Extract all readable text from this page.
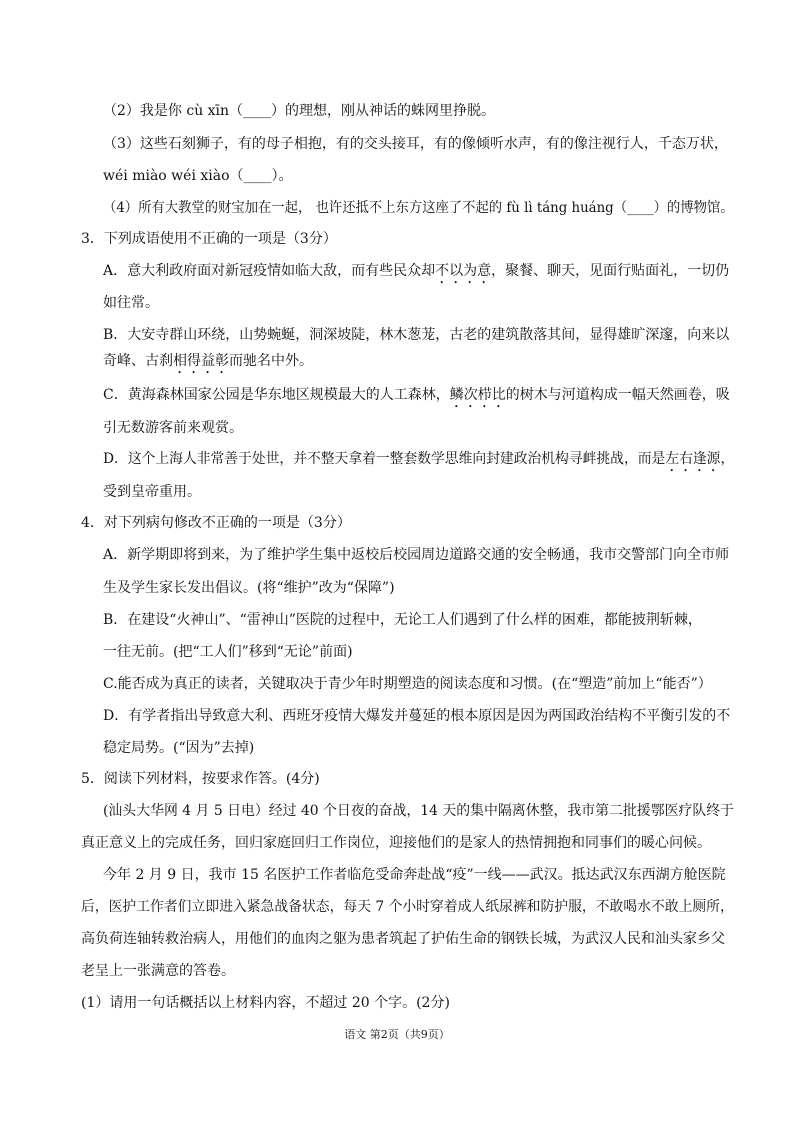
（2）我是你 cù xīn（____）的理想，刚从神话的蛛网里挣脱。
（3）这些石刻狮子，有的母子相抱，有的交头接耳，有的像倾听水声，有的像注视行人，千态万状，
wéi miào wéi xiào（____）。
（4）所有大教堂的财宝加在一起， 也许还抵不上东方这座了不起的 fù lì táng huáng（____）的博物馆。
3．下列成语使用不正确的一项是（3分）
A．意大利政府面对新冠疫情如临大敌，而有些民众却不以为意，聚餐、聊天，见面行贴面礼，一切仍
如往常。
B．大安寺群山环绕，山势蜿蜒，洞深坡陡，林木葱茏，古老的建筑散落其间，显得雄旷深邃，向来以
奇峰、古刹相得益彰而驰名中外。
C．黄海森林国家公园是华东地区规模最大的人工森林，鳞次栉比的树木与河道构成一幅天然画卷，吸
引无数游客前来观赏。
D．这个上海人非常善于处世，并不整天拿着一整套数学思维向封建政治机构寻衅挑战，而是左右逢源，
受到皇帝重用。
4．对下列病句修改不正确的一项是（3分）
A．新学期即将到来，为了维护学生集中返校后校园周边道路交通的安全畅通，我市交警部门向全市师
生及学生家长发出倡议。(将“维护”改为“保障”)
B．在建设“火神山”、“雷神山”医院的过程中，无论工人们遇到了什么样的困难，都能披荆斩棘，
一往无前。(把“工人们”移到“无论”前面)
C.能否成为真正的读者，关键取决于青少年时期塑造的阅读态度和习惯。(在“塑造”前加上“能否”）
D．有学者指出导致意大利、西班牙疫情大爆发并蔓延的根本原因是因为两国政治结构不平衡引发的不
稳定局势。(“因为”去掉)
5．阅读下列材料，按要求作答。(4分)
(汕头大华网 4 月 5 日电）经过 40 个日夜的奋战，14 天的集中隔离休整，我市第二批援鄂医疗队终于
真正意义上的完成任务，回归家庭回归工作岗位，迎接他们的是家人的热情拥抱和同事们的暖心问候。
今年 2 月 9 日，我市 15 名医护工作者临危受命奔赴战“疫”一线——武汉。抵达武汉东西湖方舱医院
后，医护工作者们立即进入紧急战备状态，每天 7 个小时穿着成人纸尿裤和防护服，不敢喝水不敢上厕所，
高负荷连轴转救治病人，用他们的血肉之躯为患者筑起了护佑生命的钢铁长城，为武汉人民和汕头家乡父
老呈上一张满意的答卷。
(1）请用一句话概括以上材料内容，不超过 20 个字。(2分)
语文 第2页（共9页）
